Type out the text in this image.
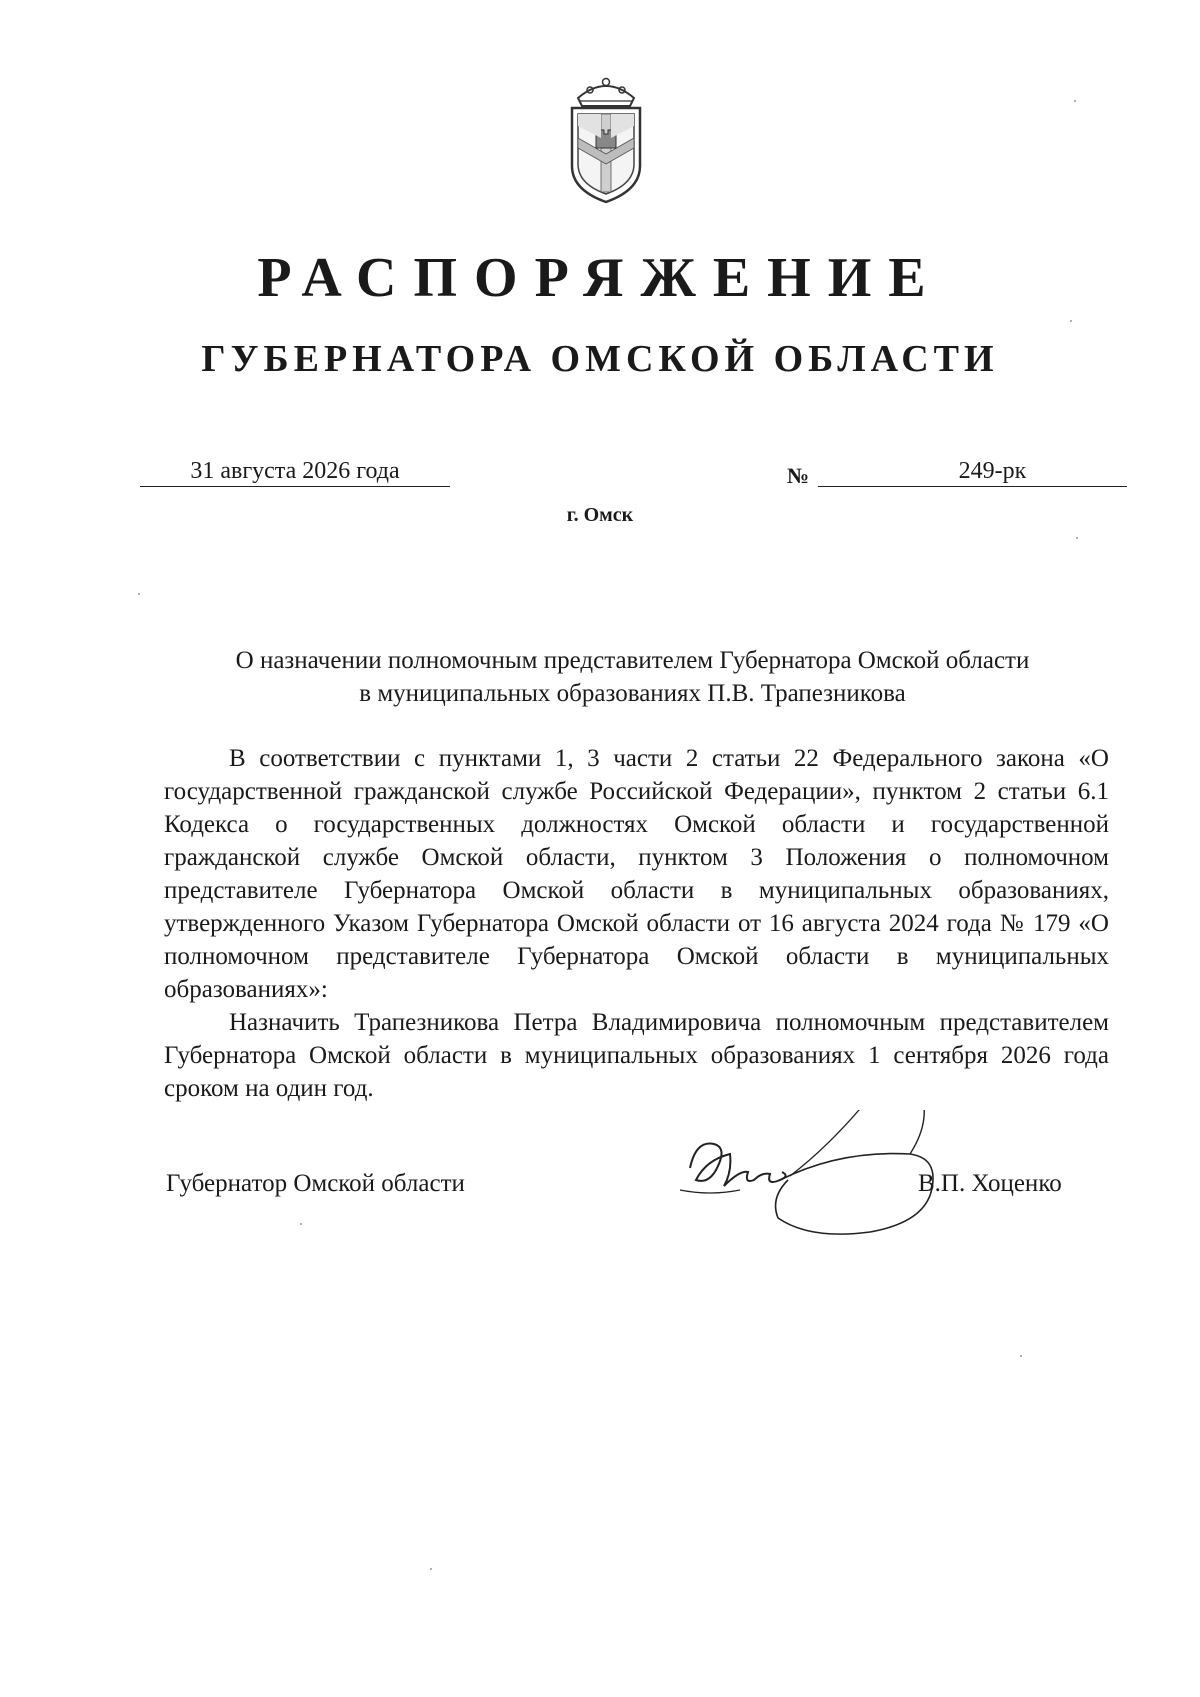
РАСПОРЯЖЕНИЕ
ГУБЕРНАТОРА ОМСКОЙ ОБЛАСТИ
31 августа 2026 года	№	249-рк
г. Омск
О назначении полномочным представителем Губернатора Омской области
в муниципальных образованиях П.В. Трапезникова

В соответствии с пунктами 1, 3 части 2 статьи 22 Федерального закона «О государственной гражданской службе Российской Федерации», пунктом 2 статьи 6.1 Кодекса о государственных должностях Омской области и государственной гражданской службе Омской области, пунктом 3 Положения о полномочном представителе Губернатора Омской области в муниципальных образованиях, утвержденного Указом Губернатора Омской области от 16 августа 2024 года № 179 «О полномочном представителе Губернатора Омской области в муниципальных образованиях»:

Назначить Трапезникова Петра Владимировича полномочным представителем Губернатора Омской области в муниципальных образованиях 1 сентября 2026 года сроком на один год.

Губернатор Омской области	В.П. Хоценко
